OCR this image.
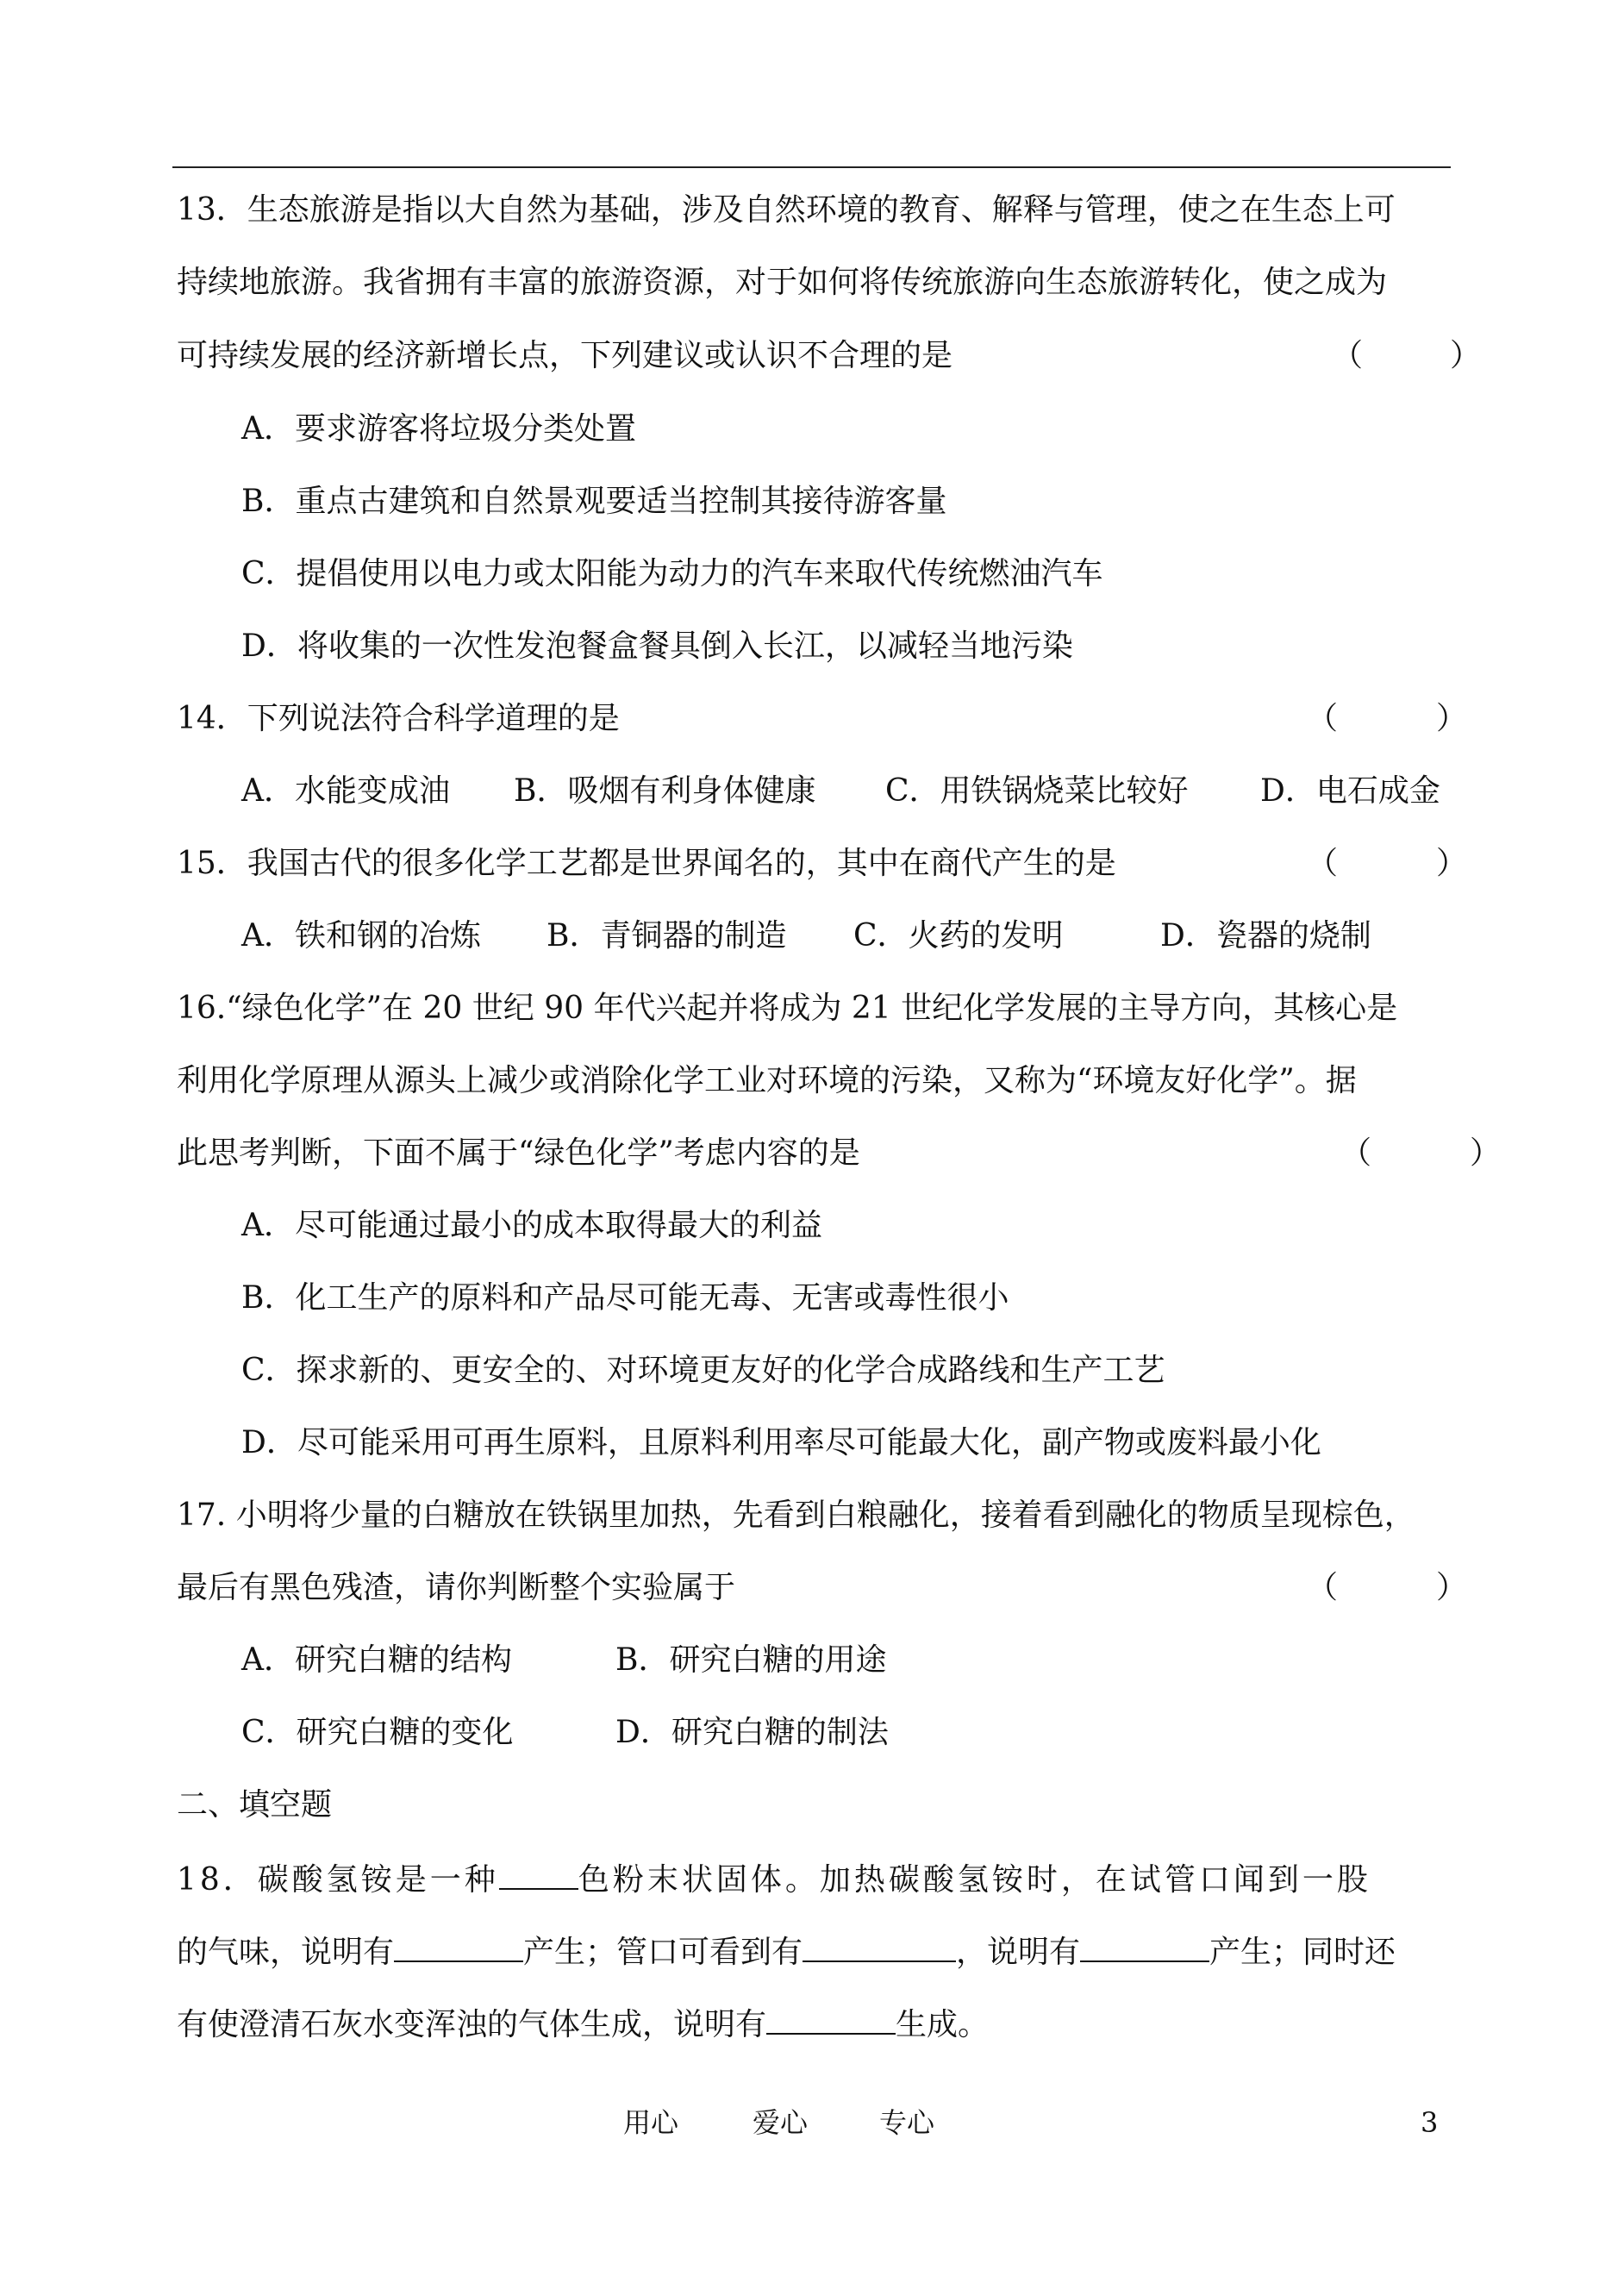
13．生态旅游是指以大自然为基础，涉及自然环境的教育、解释与管理，使之在生态上可
持续地旅游。我省拥有丰富的旅游资源，对于如何将传统旅游向生态旅游转化，使之成为
可持续发展的经济新增长点，下列建议或认识不合理的是	（	）
A．要求游客将垃圾分类处置
B．重点古建筑和自然景观要适当控制其接待游客量
C．提倡使用以电力或太阳能为动力的汽车来取代传统燃油汽车
D．将收集的一次性发泡餐盒餐具倒入长江，以减轻当地污染
14．下列说法符合科学道理的是	（	）
A．水能变成油 B．吸烟有利身体健康 C．用铁锅烧菜比较好 D．电石成金
15．我国古代的很多化学工艺都是世界闻名的，其中在商代产生的是	（	）
A．铁和钢的冶炼 B．青铜器的制造 C．火药的发明	D．瓷器的烧制
16.“绿色化学”在 20 世纪 90 年代兴起并将成为 21 世纪化学发展的主导方向，其核心是
利用化学原理从源头上减少或消除化学工业对环境的污染，又称为“环境友好化学”。据
此思考判断，下面不属于“绿色化学”考虑内容的是	（	）
A．尽可能通过最小的成本取得最大的利益
B．化工生产的原料和产品尽可能无毒、无害或毒性很小
C．探求新的、更安全的、对环境更友好的化学合成路线和生产工艺
D．尽可能采用可再生原料，且原料利用率尽可能最大化，副产物或废料最小化
17. 小明将少量的白糖放在铁锅里加热，先看到白粮融化，接着看到融化的物质呈现棕色，
最后有黑色残渣，请你判断整个实验属于	（	）
A．研究白糖的结构	B．研究白糖的用途
C．研究白糖的变化	D．研究白糖的制法
二、填空题
18．碳酸氢铵是一种	色粉末状固体。加热碳酸氢铵时，在试管口闻到一股
的气味，说明有	产生；管口可看到有	，说明有	产生；同时还
有使澄清石灰水变浑浊的气体生成，说明有	生成。
用心	爱心	专心	3
